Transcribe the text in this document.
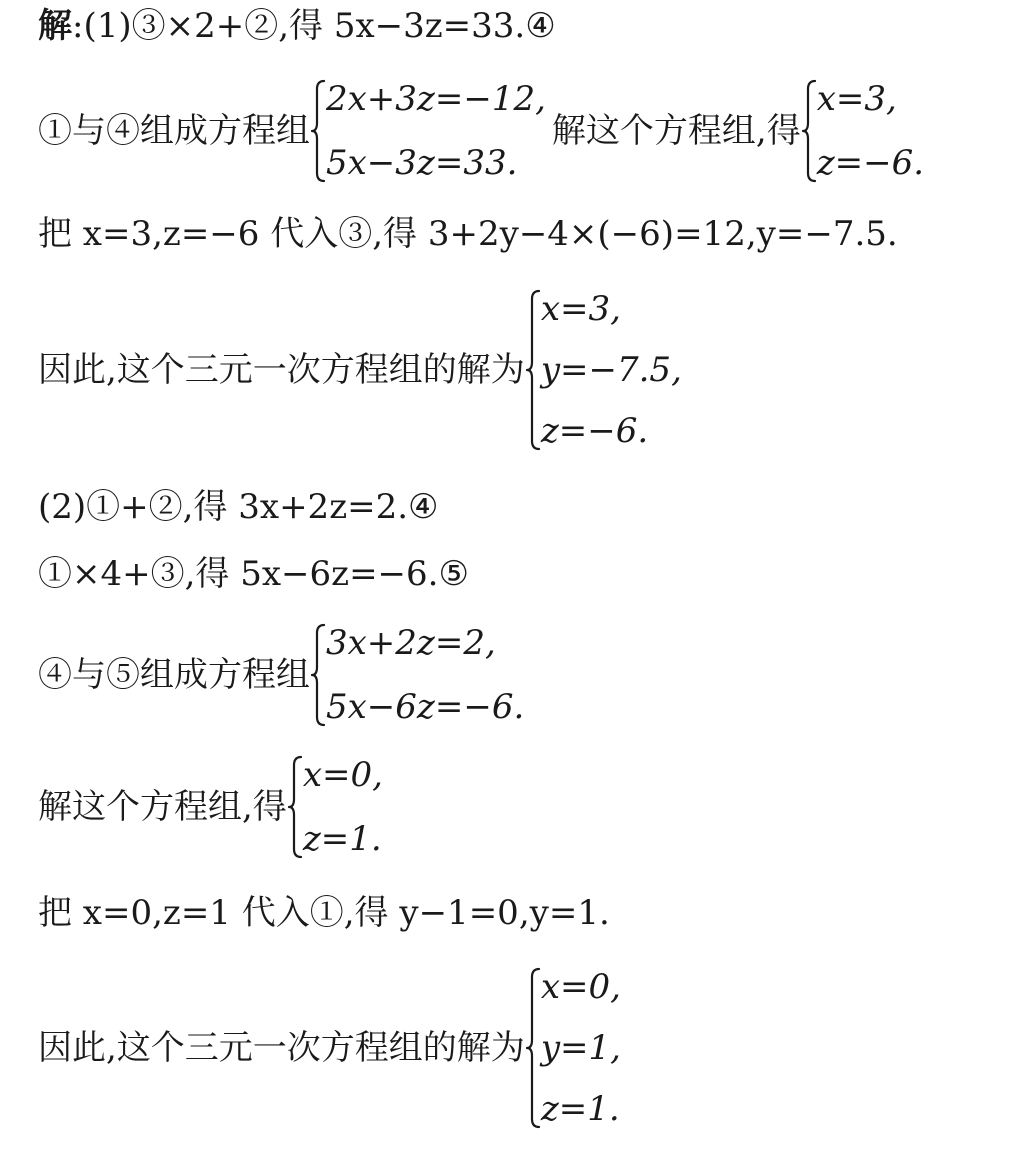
解 :(1)③×2+②,得 5x−3z=33.④
①与④组成方程组
2x+3z=−12,
5x−3z=33.
解这个方程组,得
x=3,
z=−6.
把 x=3,z=−6 代入③,得 3+2y−4×(−6)=12,y=−7.5.
因此,这个三元一次方程组的解为
x=3,
y=−7.5,
z=−6.
(2)①+②,得 3x+2z=2.④
①×4+③,得 5x−6z=−6.⑤
④与⑤组成方程组
3x+2z=2,
5x−6z=−6.
解这个方程组,得
x=0,
z=1.
把 x=0,z=1 代入①,得 y−1=0,y=1.
因此,这个三元一次方程组的解为
x=0,
y=1,
z=1.
